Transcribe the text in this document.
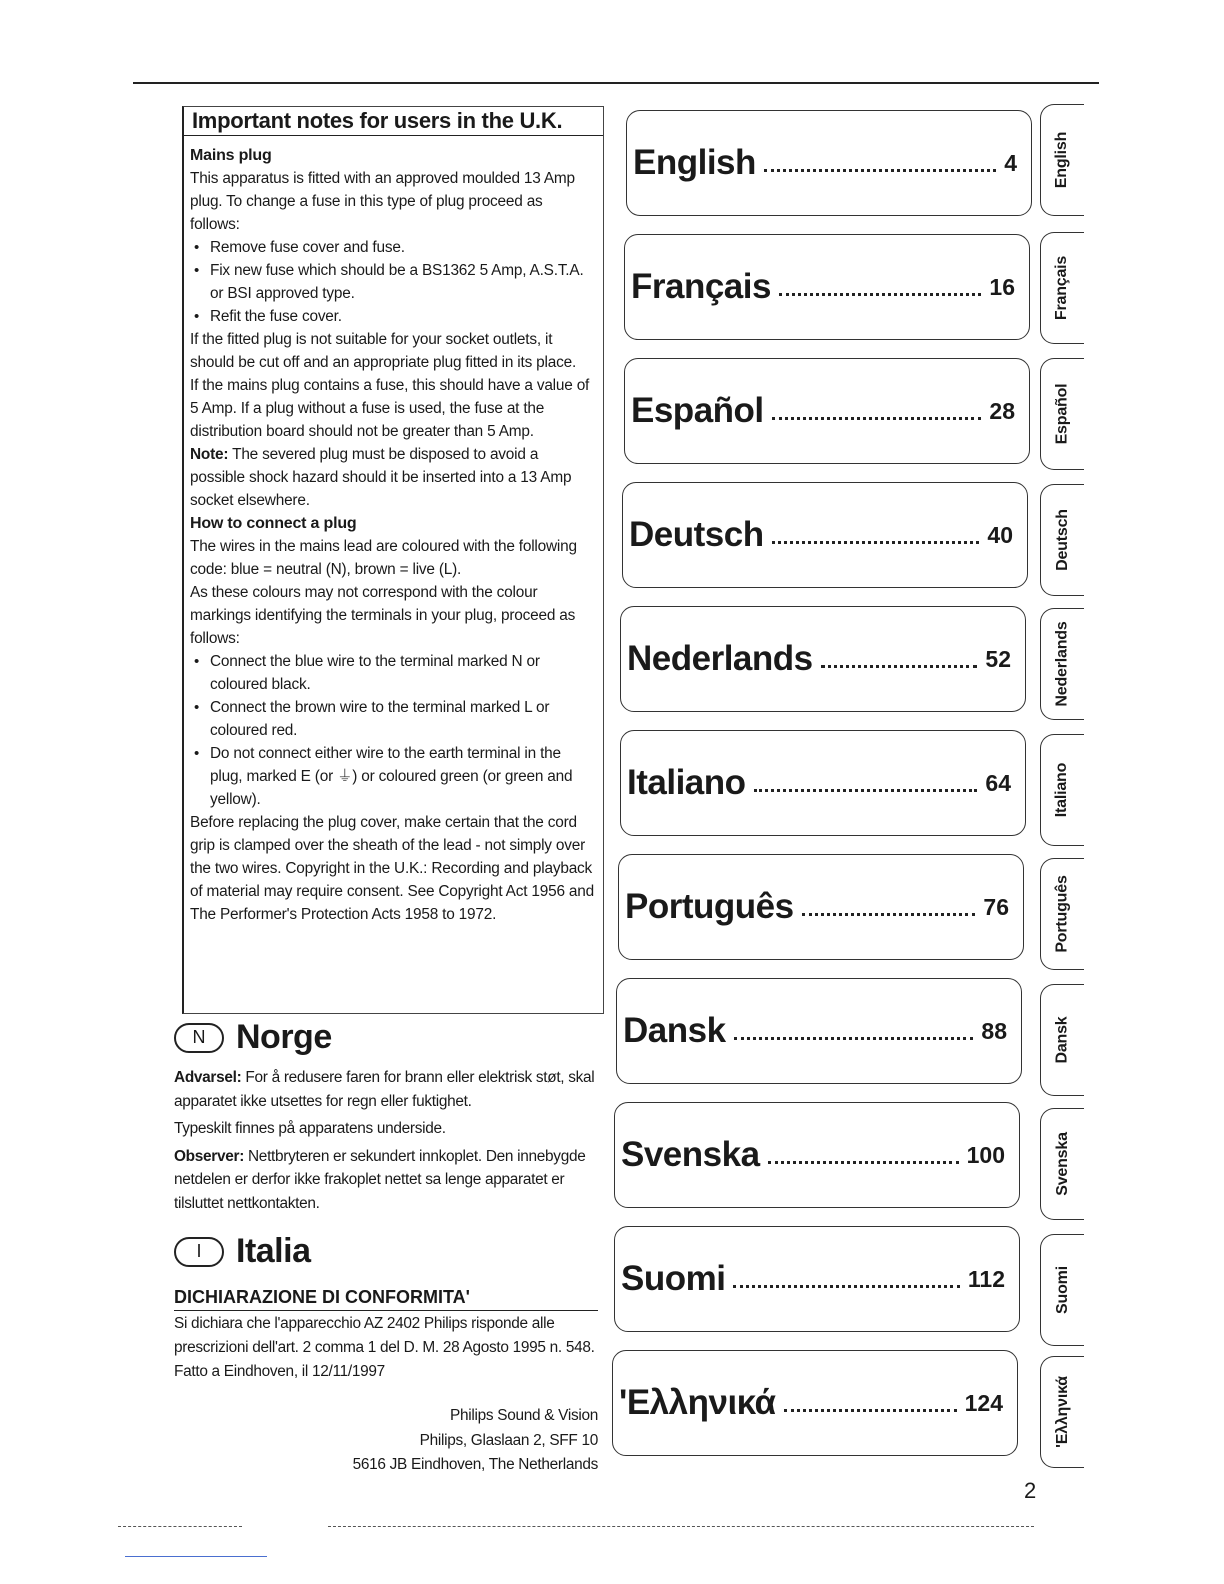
Important notes for users in the U.K.

Mains plug

This apparatus is fitted with an approved moulded 13 Amp plug. To change a fuse in this type of plug proceed as follows:

• Remove fuse cover and fuse.
• Fix new fuse which should be a BS1362 5 Amp, A.S.T.A. or BSI approved type.
• Refit the fuse cover.

If the fitted plug is not suitable for your socket outlets, it should be cut off and an appropriate plug fitted in its place.

If the mains plug contains a fuse, this should have a value of 5 Amp. If a plug without a fuse is used, the fuse at the distribution board should not be greater than 5 Amp.

Note: The severed plug must be disposed to avoid a possible shock hazard should it be inserted into a 13 Amp socket elsewhere.

How to connect a plug

The wires in the mains lead are coloured with the following code: blue = neutral (N), brown = live (L).

As these colours may not correspond with the colour markings identifying the terminals in your plug, proceed as follows:

• Connect the blue wire to the terminal marked N or coloured black.
• Connect the brown wire to the terminal marked L or coloured red.
• Do not connect either wire to the earth terminal in the plug, marked E (or ⏚) or coloured green (or green and yellow).

Before replacing the plug cover, make certain that the cord grip is clamped over the sheath of the lead - not simply over the two wires. Copyright in the U.K.: Recording and playback of material may require consent. See Copyright Act 1956 and The Performer's Protection Acts 1958 to 1972.

N Norge

Advarsel: For å redusere faren for brann eller elektrisk støt, skal apparatet ikke utsettes for regn eller fuktighet.

Typeskilt finnes på apparatens underside.

Observer: Nettbryteren er sekundert innkoplet. Den innebygde netdelen er derfor ikke frakoplet nettet sa lenge apparatet er tilsluttet nettkontakten.

I	Italia
DICHIARAZIONE DI CONFORMITA'

Si dichiara che l'apparecchio AZ 2402 Philips risponde alle prescrizioni dell'art. 2 comma 1 del D. M. 28 Agosto 1995 n. 548.

Fatto a Eindhoven, il 12/11/1997

Philips Sound & Vision
Philips, Glaslaan 2, SFF 10
5616 JB Eindhoven, The Netherlands
English	4
Français	16
Español	28
Deutsch	40
Nederlands	52
Italiano	64
Português	76
Dansk	88
Svenska	100
Suomi	112
'Ελληνικά	124
English
Français
Español
Deutsch
Nederlands
Italiano
Português
Dansk
Svenska
Suomi
'Ελληνικά
2
